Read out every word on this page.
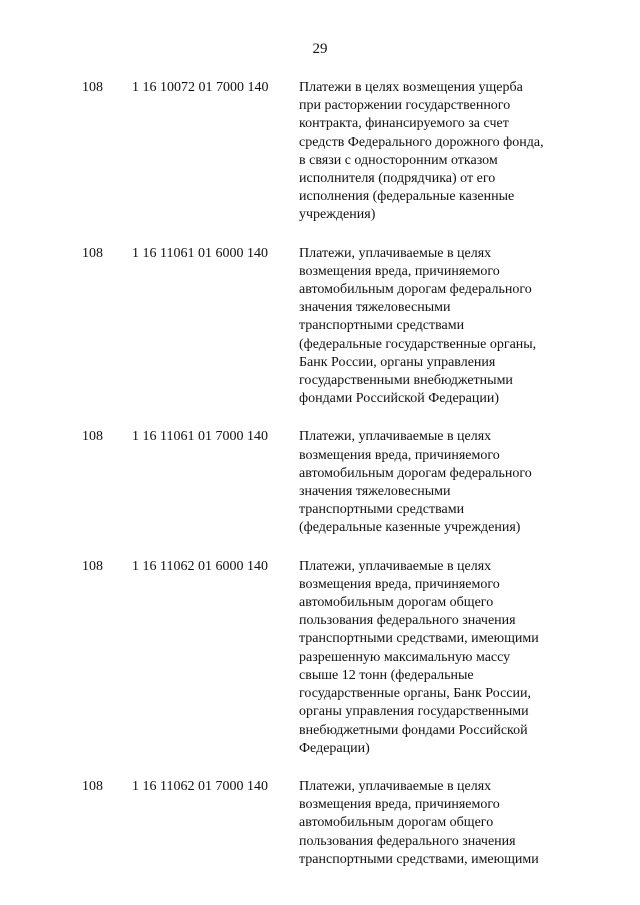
29
108 1 16 10072 01 7000 140 Платежи в целях возмещения ущерба
при расторжении государственного
контракта, финансируемого за счет
средств Федерального дорожного фонда,
в связи с односторонним отказом
исполнителя (подрядчика) от его
исполнения (федеральные казенные
учреждения)
108 1 16 11061 01 6000 140 Платежи, уплачиваемые в целях
возмещения вреда, причиняемого
автомобильным дорогам федерального
значения тяжеловесными
транспортными средствами
(федеральные государственные органы,
Банк России, органы управления
государственными внебюджетными
фондами Российской Федерации)
108 1 16 11061 01 7000 140 Платежи, уплачиваемые в целях
возмещения вреда, причиняемого
автомобильным дорогам федерального
значения тяжеловесными
транспортными средствами
(федеральные казенные учреждения)
108 1 16 11062 01 6000 140 Платежи, уплачиваемые в целях
возмещения вреда, причиняемого
автомобильным дорогам общего
пользования федерального значения
транспортными средствами, имеющими
разрешенную максимальную массу
свыше 12 тонн (федеральные
государственные органы, Банк России,
органы управления государственными
внебюджетными фондами Российской
Федерации)
108 1 16 11062 01 7000 140 Платежи, уплачиваемые в целях
возмещения вреда, причиняемого
автомобильным дорогам общего
пользования федерального значения
транспортными средствами, имеющими
